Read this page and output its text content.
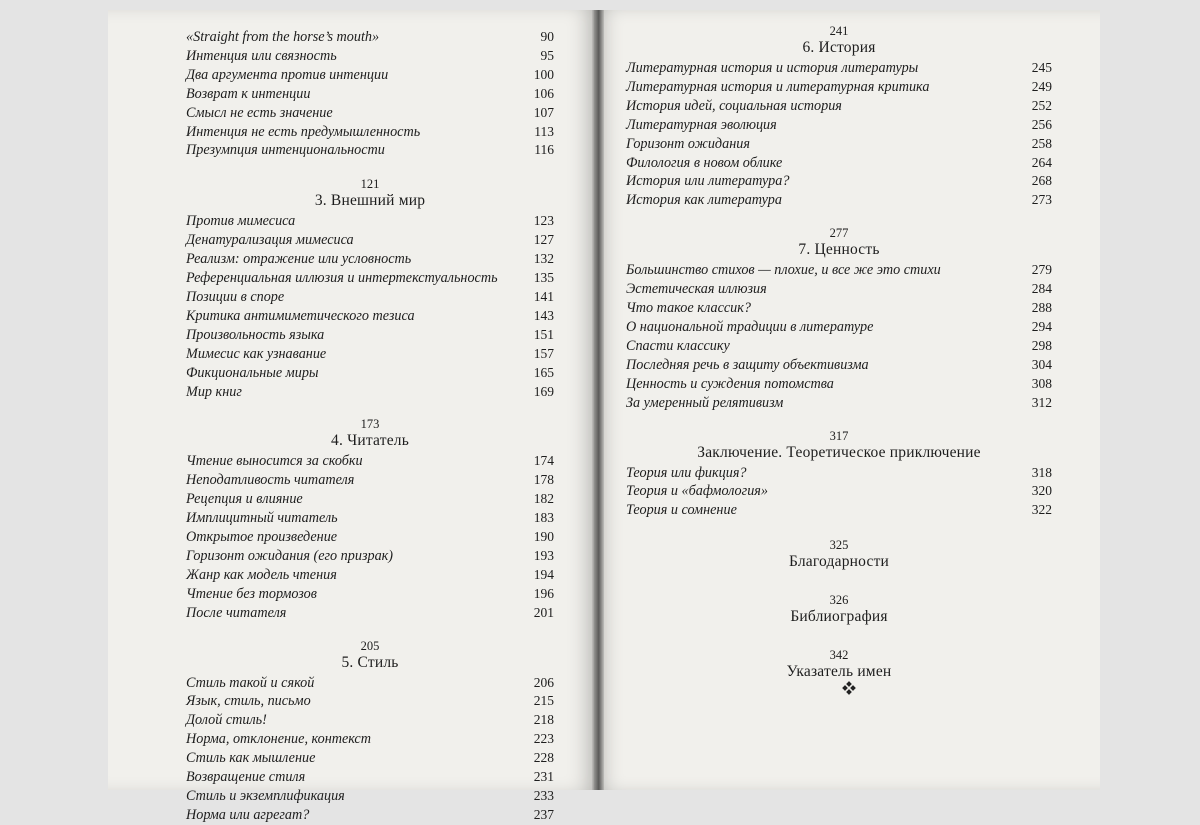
«Straight from the horse’s mouth»	90
Интенция или связность	95
Два аргумента против интенции	100
Возврат к интенции	106
Смысл не есть значение	107
Интенция не есть предумышленность	113
Презумпция интенциональности	116
121
3. Внешний мир
Против мимесиса	123
Денатурализация мимесиса	127
Реализм: отражение или условность	132
Референциальная иллюзия и интертекстуальность	135
Позиции в споре	141
Критика антимиметического тезиса	143
Произвольность языка	151
Мимесис как узнавание	157
Фикциональные миры	165
Мир книг	169
173
4. Читатель
Чтение выносится за скобки	174
Неподатливость читателя	178
Рецепция и влияние	182
Имплицитный читатель	183
Открытое произведение	190
Горизонт ожидания (его призрак)	193
Жанр как модель чтения	194
Чтение без тормозов	196
После читателя	201
205
5. Стиль
Стиль такой и сякой	206
Язык, стиль, письмо	215
Долой стиль!	218
Норма, отклонение, контекст	223
Стиль как мышление	228
Возвращение стиля	231
Стиль и экземплификация	233
Норма или агрегат?	237
241
6. История
Литературная история и история литературы	245
Литературная история и литературная критика	249
История идей, социальная история	252
Литературная эволюция	256
Горизонт ожидания	258
Филология в новом облике	264
История или литература?	268
История как литература	273
277
7. Ценность
Большинство стихов — плохие, и все же это стихи	279
Эстетическая иллюзия	284
Что такое классик?	288
О национальной традиции в литературе	294
Спасти классику	298
Последняя речь в защиту объективизма	304
Ценность и суждения потомства	308
За умеренный релятивизм	312
317
Заключение. Теоретическое приключение
Теория или фикция?	318
Теория и «бафмология»	320
Теория и сомнение	322
325
Благодарности
326
Библиография
342
Указатель имен
